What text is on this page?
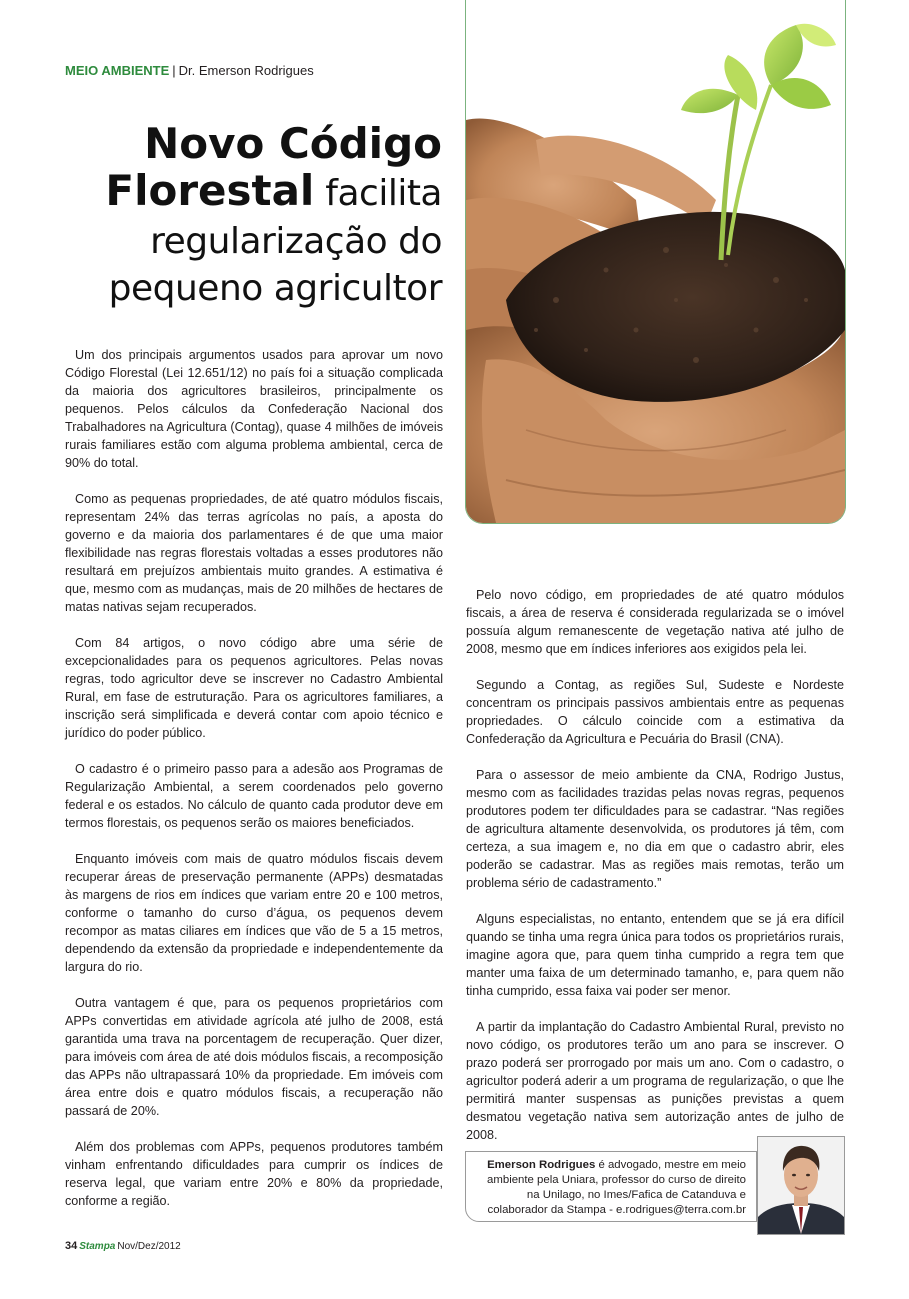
MEIO AMBIENTE | Dr. Emerson Rodrigues
Novo Código
Florestal facilita
regularização do
pequeno agricultor

Um dos principais argumentos usados para aprovar um novo Código Florestal (Lei 12.651/12) no país foi a situação complicada da maioria dos agricultores brasileiros, principalmente os pequenos. Pelos cálculos da Confederação Nacional dos Trabalhadores na Agricultura (Contag), quase 4 milhões de imóveis rurais familiares estão com alguma problema ambiental, cerca de 90% do total.

Como as pequenas propriedades, de até quatro módulos fiscais, representam 24% das terras agrícolas no país, a aposta do governo e da maioria dos parlamentares é de que uma maior flexibilidade nas regras florestais voltadas a esses produtores não resultará em prejuízos ambientais muito grandes. A estimativa é que, mesmo com as mudanças, mais de 20 milhões de hectares de matas nativas sejam recuperados.

Com 84 artigos, o novo código abre uma série de excepcionalidades para os pequenos agricultores. Pelas novas regras, todo agricultor deve se inscrever no Cadastro Ambiental Rural, em fase de estruturação. Para os agricultores familiares, a inscrição será simplificada e deverá contar com apoio técnico e jurídico do poder público.

O cadastro é o primeiro passo para a adesão aos Programas de Regularização Ambiental, a serem coordenados pelo governo federal e os estados. No cálculo de quanto cada produtor deve em termos florestais, os pequenos serão os maiores beneficiados.

Enquanto imóveis com mais de quatro módulos fiscais devem recuperar áreas de preservação permanente (APPs) desmatadas às margens de rios em índices que variam entre 20 e 100 metros, conforme o tamanho do curso d’água, os pequenos devem recompor as matas ciliares em índices que vão de 5 a 15 metros, dependendo da extensão da propriedade e independentemente da largura do rio.

Outra vantagem é que, para os pequenos proprietários com APPs convertidas em atividade agrícola até julho de 2008, está garantida uma trava na porcentagem de recuperação. Quer dizer, para imóveis com área de até dois módulos fiscais, a recomposição das APPs não ultrapassará 10% da propriedade. Em imóveis com área entre dois e quatro módulos fiscais, a recuperação não passará de 20%.

Além dos problemas com APPs, pequenos produtores também vinham enfrentando dificuldades para cumprir os índices de reserva legal, que variam entre 20% e 80% da propriedade, conforme a região.

Pelo novo código, em propriedades de até quatro módulos fiscais, a área de reserva é considerada regularizada se o imóvel possuía algum remanescente de vegetação nativa até julho de 2008, mesmo que em índices inferiores aos exigidos pela lei.

Segundo a Contag, as regiões Sul, Sudeste e Nordeste concentram os principais passivos ambientais entre as pequenas propriedades. O cálculo coincide com a estimativa da Confederação da Agricultura e Pecuária do Brasil (CNA).

Para o assessor de meio ambiente da CNA, Rodrigo Justus, mesmo com as facilidades trazidas pelas novas regras, pequenos produtores podem ter dificuldades para se cadastrar. “Nas regiões de agricultura altamente desenvolvida, os produtores já têm, com certeza, a sua imagem e, no dia em que o cadastro abrir, eles poderão se cadastrar. Mas as regiões mais remotas, terão um problema sério de cadastramento.”

Alguns especialistas, no entanto, entendem que se já era difícil quando se tinha uma regra única para todos os proprietários rurais, imagine agora que, para quem tinha cumprido a regra tem que manter uma faixa de um determinado tamanho, e, para quem não tinha cumprido, essa faixa vai poder ser menor.

A partir da implantação do Cadastro Ambiental Rural, previsto no novo código, os produtores terão um ano para se inscrever. O prazo poderá ser prorrogado por mais um ano. Com o cadastro, o agricultor poderá aderir a um programa de regularização, o que lhe permitirá manter suspensas as punições previstas a quem desmatou vegetação nativa sem autorização antes de julho de 2008.

Emerson Rodrigues é advogado, mestre em meio ambiente pela Uniara, professor do curso de direito na Unilago, no Imes/Fafica de Catanduva e colaborador da Stampa - e.rodrigues@terra.com.br
34 Stampa Nov/Dez/2012
